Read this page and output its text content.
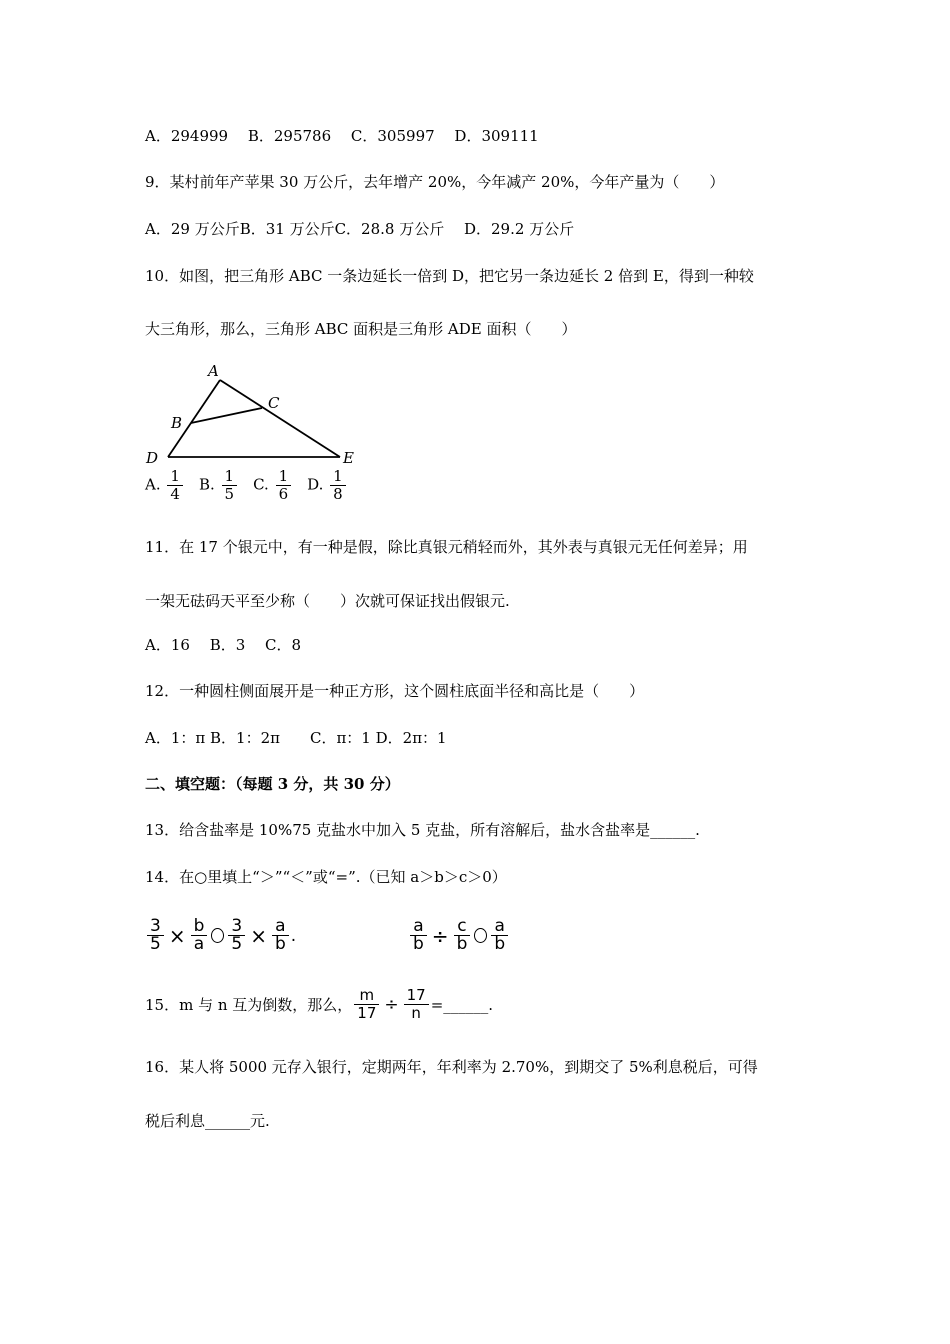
A．294999　 B．295786　 C．305997　 D．309111
9．某村前年产苹果 30 万公斤，去年增产 20%，今年减产 20%，今年产量为（　　）
A．29 万公斤B．31 万公斤C．28.8 万公斤　 D．29.2 万公斤
10．如图，把三角形 ABC 一条边延长一倍到 D，把它另一条边延长 2 倍到 E，得到一种较
大三角形，那么，三角形 ABC 面积是三角形 ADE 面积（　　）
A
B
C
D	E
A. $\frac{1}{4} B$. $\frac{1}{5} C$. $\frac{1}{6} D$. $\frac{1}{8}$
11．在 17 个银元中，有一种是假，除比真银元稍轻而外，其外表与真银元无任何差异；用
一架无砝码天平至少称（　　）次就可保证找出假银元.
A．16　 B．3　 C．8
12．一种圆柱侧面展开是一种正方形，这个圆柱底面半径和高比是（　　）
A．1：π B．1：2π　　C．π：1 D．2π：1
二、填空题：（每题 3 分，共 30 分）
13．给含盐率是 10%75 克盐水中加入 5 克盐，所有溶解后，盐水含盐率是______.
14．在○里填上“＞”“＜”或“=”.（已知 a＞b＞c＞0）
$\frac{3}{5} \times \frac{b}{a} \frac{3}{5} \times \frac{a}{b}$ .	$\frac{a}{b} \div \frac{c}{b} \frac{a}{b}$
15．m 与 n 互为倒数，那么， $\frac{m}{17} \div \frac{17}{n}$ =______.
16．某人将 5000 元存入银行，定期两年，年利率为 2.70%，到期交了 5%利息税后，可得
税后利息______元.
